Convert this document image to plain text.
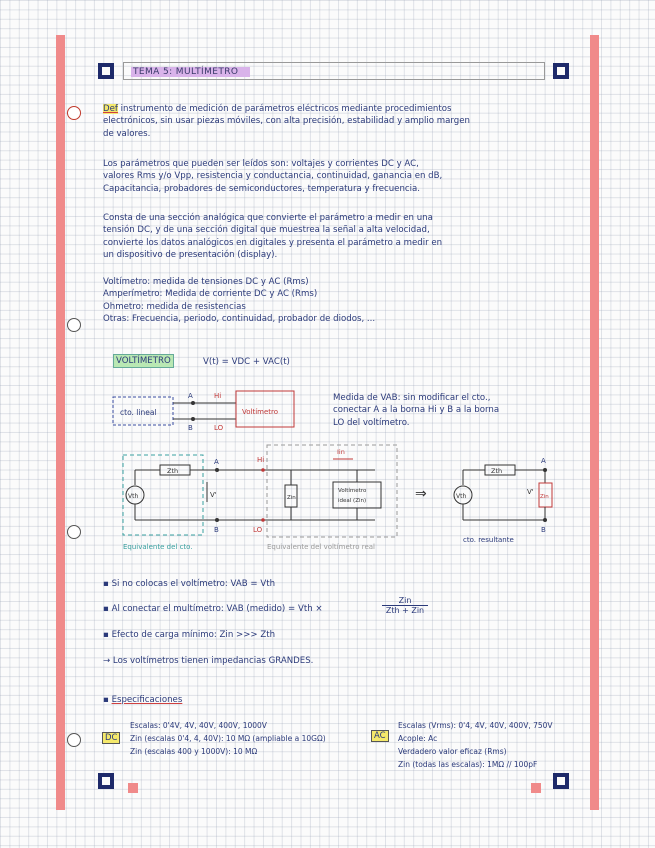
TEMA 5: MULTÍMETRO
Def instrumento de medición de parámetros eléctricos mediante procedimientos
electrónicos, sin usar piezas móviles, con alta precisión, estabilidad y amplio margen
de valores.
Los parámetros que pueden ser leídos son: voltajes y corrientes DC y AC,
valores Rms y/o Vpp, resistencia y conductancia, continuidad, ganancia en dB,
Capacitancia, probadores de semiconductores, temperatura y frecuencia.
Consta de una sección analógica que convierte el parámetro a medir en una
tensión DC, y de una sección digital que muestrea la señal a alta velocidad,
convierte los datos analógicos en digitales y presenta el parámetro a medir en
un dispositivo de presentación (display).
Voltímetro: medida de tensiones DC y AC (Rms)
Amperímetro: Medida de corriente DC y AC (Rms)
Ohmetro: medida de resistencias
Otras: Frecuencia, periodo, continuidad, probador de diodos, ...
VOLTÍMETRO	V(t) = VDC + VAC(t)
cto. lineal
A
B
Hi
LO
Voltímetro
Medida de VAB: sin modificar el cto.,
conectar A a la borna Hi y B a la borna
LO del voltímetro.
Zth
Vth
A
B
V'
Hi
LO
Iin
Zin
Voltímetro
ideal (Zin)	⇒
Zth
Vth	Zin
A
B
V'
Equivalente del cto.	Equivalente del voltímetro real
cto. resultante
▪ Si no colocas el voltímetro: VAB = Vth
▪ Al conectar el multímetro: VAB (medido) = Vth ×
Zin
Zth + Zin
▪ Efecto de carga mínimo: Zin >>> Zth
→ Los voltímetros tienen impedancias GRANDES.
▪ Especificaciones
DC
Escalas: 0'4V, 4V, 40V, 400V, 1000V
Zin (escalas 0'4, 4, 40V): 10 MΩ (ampliable a 10GΩ)
Zin (escalas 400 y 1000V): 10 MΩ
AC
Escalas (Vrms): 0'4, 4V, 40V, 400V, 750V
Acople: Ac
Verdadero valor eficaz (Rms)
Zin (todas las escalas): 1MΩ // 100pF
